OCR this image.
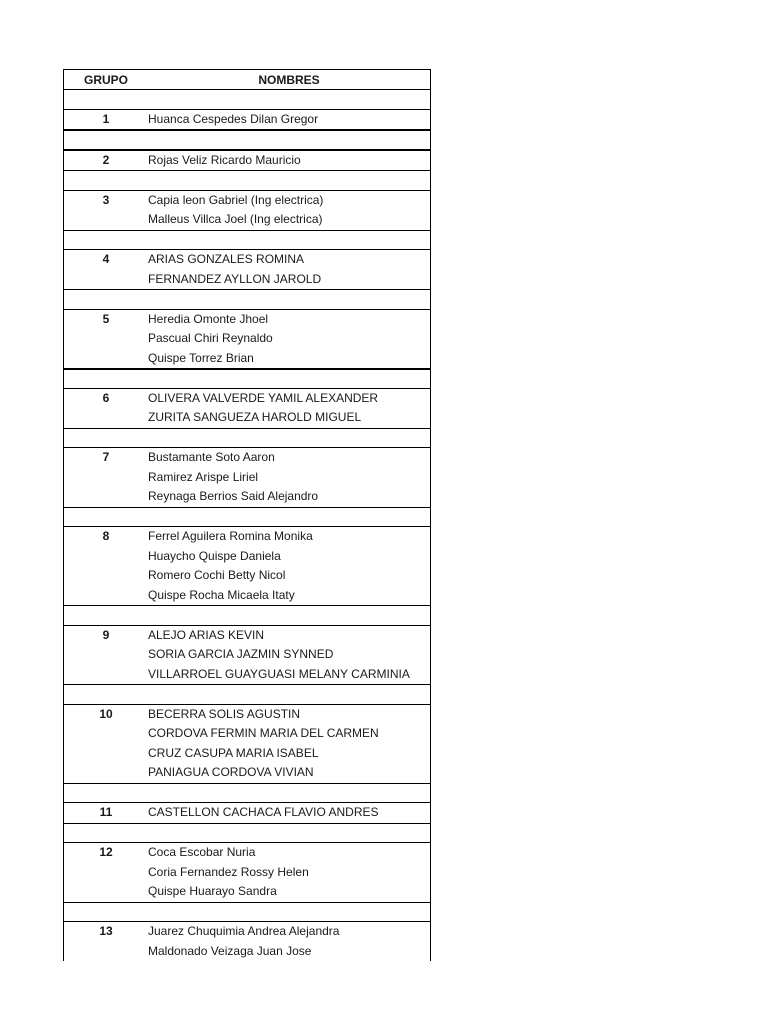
GRUPO	NOMBRES
1	Huanca Cespedes Dilan Gregor
2	Rojas Veliz Ricardo Mauricio
3	Capia leon Gabriel (Ing electrica)
Malleus Villca Joel (Ing electrica)
4	ARIAS GONZALES ROMINA
FERNANDEZ AYLLON JAROLD
5	Heredia Omonte Jhoel
Pascual Chiri Reynaldo
Quispe Torrez Brian
6	OLIVERA VALVERDE YAMIL ALEXANDER
ZURITA SANGUEZA HAROLD MIGUEL
7	Bustamante Soto Aaron
Ramirez Arispe Liriel
Reynaga Berrios Said Alejandro
8	Ferrel Aguilera Romina Monika
Huaycho Quispe Daniela
Romero Cochi Betty Nicol
Quispe Rocha Micaela Itaty
9	ALEJO ARIAS KEVIN
SORIA GARCIA JAZMIN SYNNED
VILLARROEL GUAYGUASI MELANY CARMINIA
10	BECERRA SOLIS AGUSTIN
CORDOVA FERMIN MARIA DEL CARMEN
CRUZ CASUPA MARIA ISABEL
PANIAGUA CORDOVA VIVIAN
11	CASTELLON CACHACA FLAVIO ANDRES
12	Coca Escobar Nuria
Coria Fernandez Rossy Helen
Quispe Huarayo Sandra
13	Juarez Chuquimia Andrea Alejandra
Maldonado Veizaga Juan Jose
